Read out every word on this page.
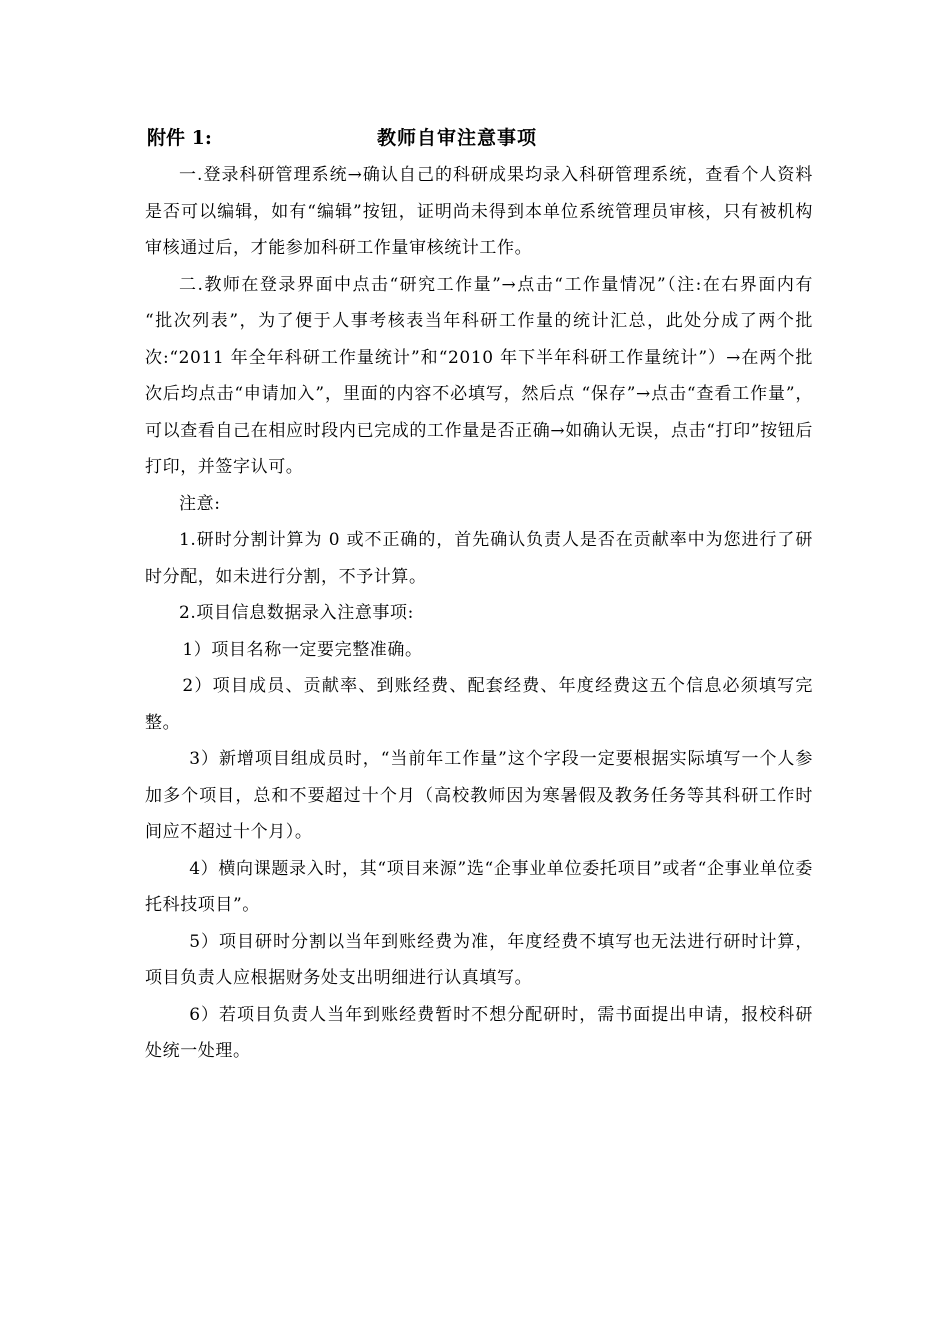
附件 1:	教师自审注意事项

一.登录科研管理系统→确认自己的科研成果均录入科研管理系统，查看个人资料是否可以编辑，如有“编辑”按钮，证明尚未得到本单位系统管理员审核，只有被机构审核通过后，才能参加科研工作量审核统计工作。

二.教师在登录界面中点击“研究工作量”→点击“工作量情况”（注:在右界面内有 “批次列表”，为了便于人事考核表当年科研工作量的统计汇总，此处分成了两个批次:“2011 年全年科研工作量统计”和“2010 年下半年科研工作量统计”）→在两个批次后均点击“申请加入”，里面的内容不必填写，然后点 “保存”→点击“查看工作量”，可以查看自己在相应时段内已完成的工作量是否正确→如确认无误，点击“打印”按钮后打印，并签字认可。

注意:

1.研时分割计算为 0 或不正确的，首先确认负责人是否在贡献率中为您进行了研时分配，如未进行分割，不予计算。

2.项目信息数据录入注意事项:

1）项目名称一定要完整准确。

2）项目成员、贡献率、到账经费、配套经费、年度经费这五个信息必须填写完整。

3）新增项目组成员时，“当前年工作量”这个字段一定要根据实际填写一个人参加多个项目，总和不要超过十个月（高校教师因为寒暑假及教务任务等其科研工作时间应不超过十个月）。

4）横向课题录入时，其“项目来源”选“企事业单位委托项目”或者“企事业单位委托科技项目”。

5）项目研时分割以当年到账经费为准，年度经费不填写也无法进行研时计算，项目负责人应根据财务处支出明细进行认真填写。

6）若项目负责人当年到账经费暂时不想分配研时，需书面提出申请，报校科研处统一处理。
